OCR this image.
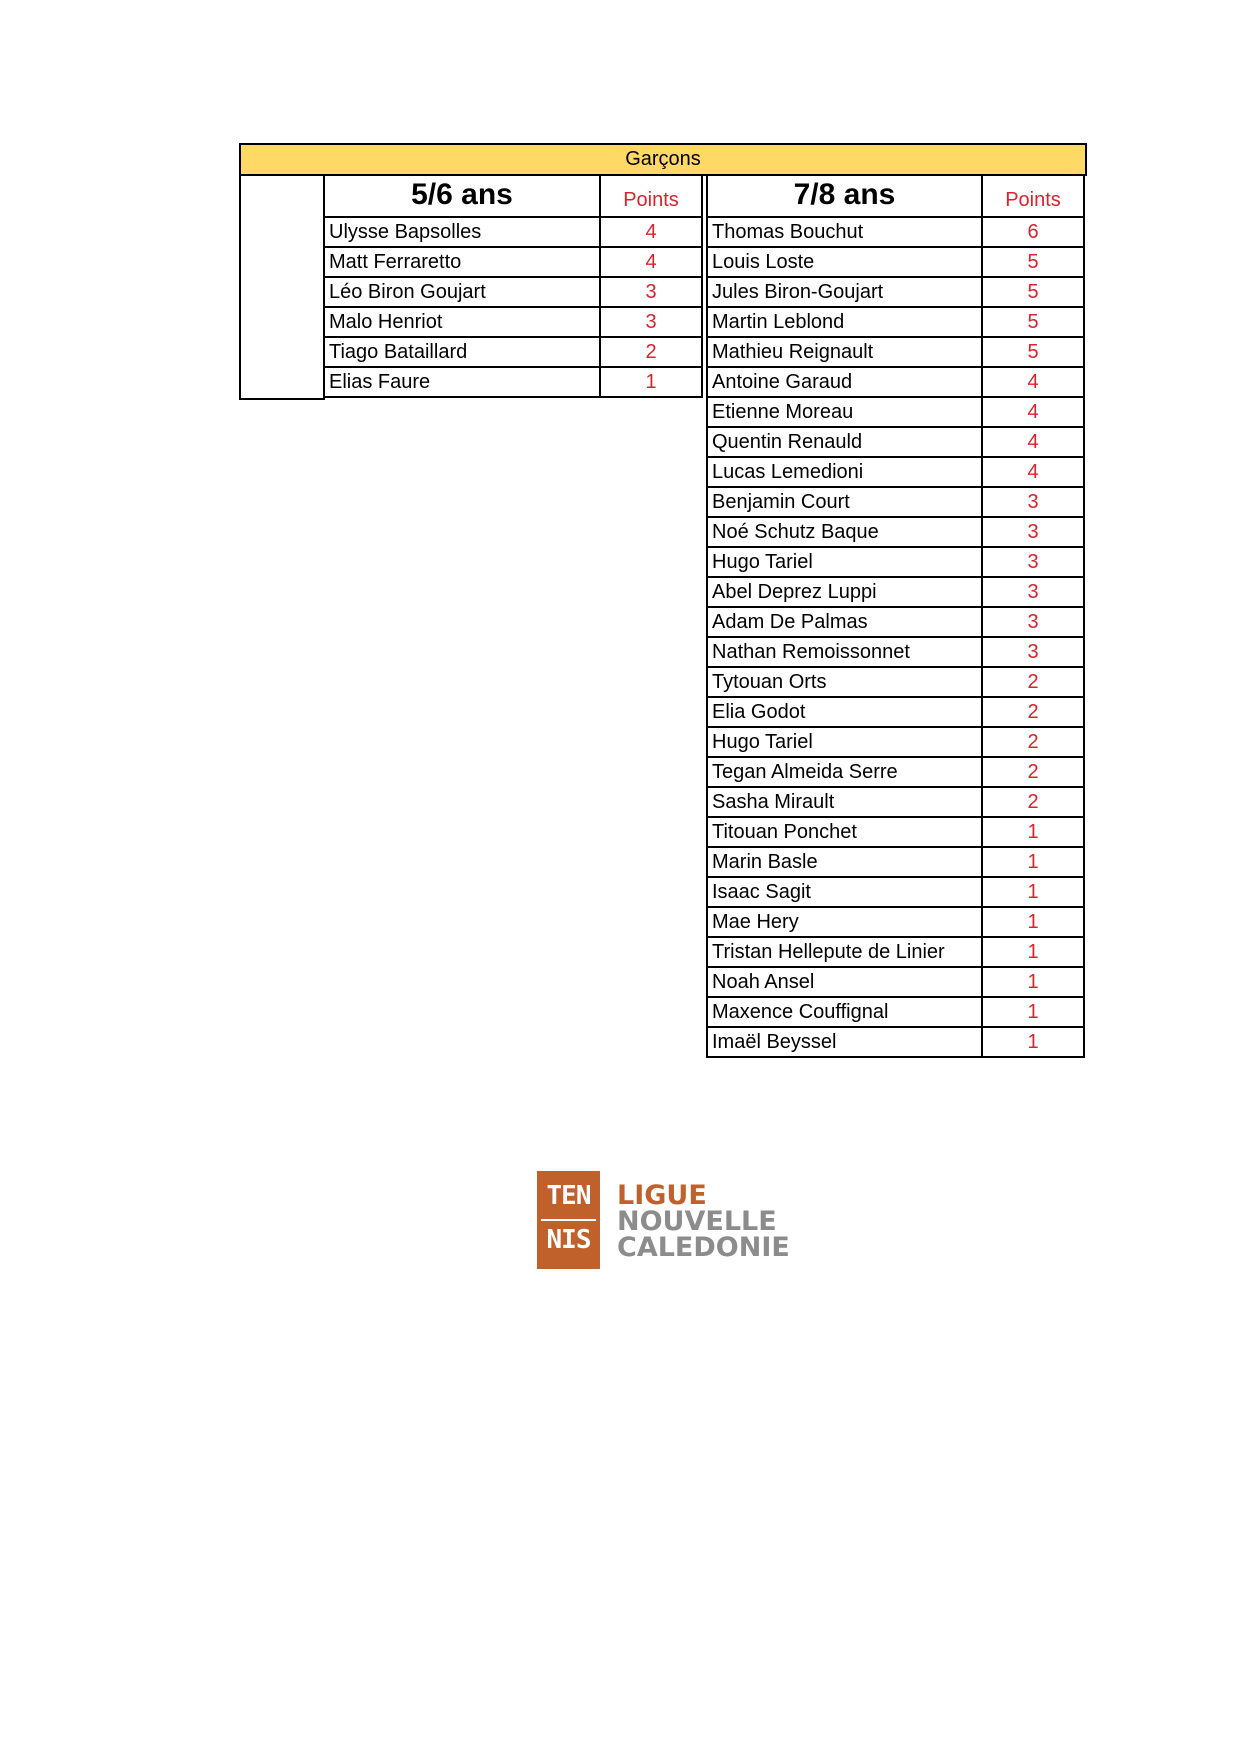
Garçons
5/6 ans	Points
Ulysse Bapsolles	4
Matt Ferraretto	4
Léo Biron Goujart	3
Malo Henriot	3
Tiago Bataillard	2
Elias Faure	1
7/8 ans	Points
Thomas Bouchut	6
Louis Loste	5
Jules Biron-Goujart	5
Martin Leblond	5
Mathieu Reignault	5
Antoine Garaud	4
Etienne Moreau	4
Quentin Renauld	4
Lucas Lemedioni	4
Benjamin Court	3
Noé Schutz Baque	3
Hugo Tariel	3
Abel Deprez Luppi	3
Adam De Palmas	3
Nathan Remoissonnet	3
Tytouan Orts	2
Elia Godot	2
Hugo Tariel	2
Tegan Almeida Serre	2
Sasha Mirault	2
Titouan Ponchet	1
Marin Basle	1
Isaac Sagit	1
Mae Hery	1
Tristan Hellepute de Linier	1
Noah Ansel	1
Maxence Couffignal	1
Imaël Beyssel	1
TEN
NIS
LIGUE
NOUVELLE
CALEDONIE
